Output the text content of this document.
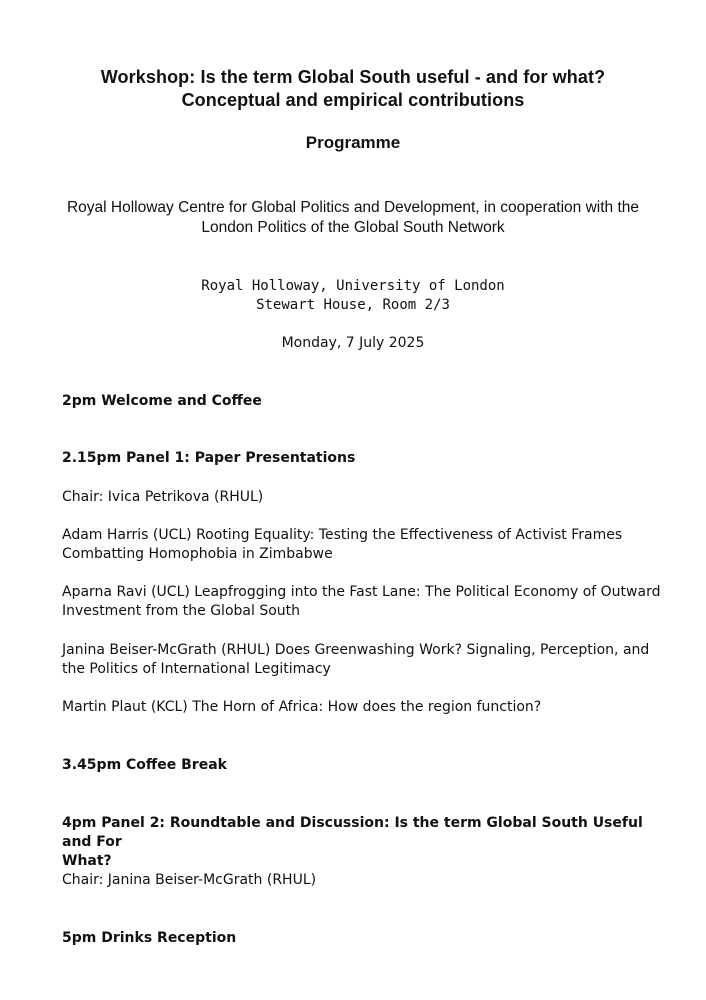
Workshop: Is the term Global South useful - and for what?
Conceptual and empirical contributions
Programme
Royal Holloway Centre for Global Politics and Development, in cooperation with the
London Politics of the Global South Network
Royal Holloway, University of London
Stewart House, Room 2/3
Monday, 7 July 2025
2pm Welcome and Coffee
2.15pm Panel 1: Paper Presentations
Chair: Ivica Petrikova (RHUL)
Adam Harris (UCL) Rooting Equality: Testing the Effectiveness of Activist Frames
Combatting Homophobia in Zimbabwe
Aparna Ravi (UCL) Leapfrogging into the Fast Lane: The Political Economy of Outward
Investment from the Global South
Janina Beiser-McGrath (RHUL) Does Greenwashing Work? Signaling, Perception, and
the Politics of International Legitimacy
Martin Plaut (KCL) The Horn of Africa: How does the region function?
3.45pm Coffee Break
4pm Panel 2: Roundtable and Discussion: Is the term Global South Useful and For
What?
Chair: Janina Beiser-McGrath (RHUL)
5pm Drinks Reception
